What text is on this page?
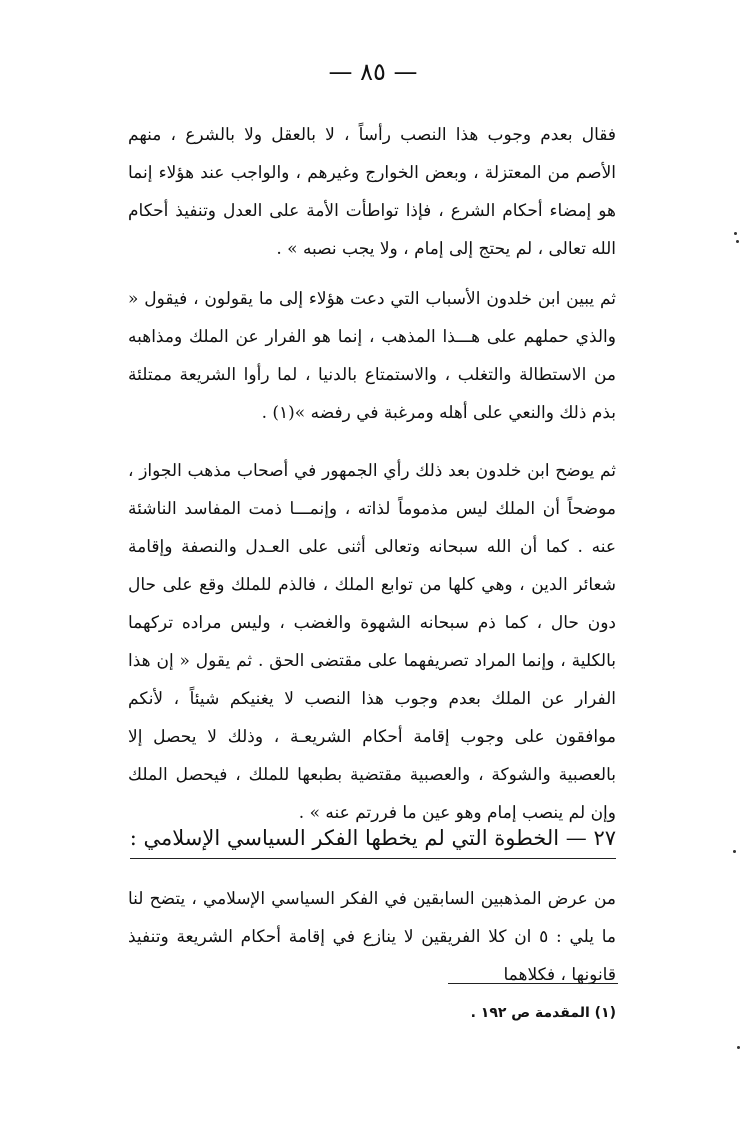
— ٨٥ —

فقال بعدم وجوب هذا النصب رأساً ، لا بالعقل ولا بالشرع ، منهم الأصم من المعتزلة ، وبعض الخوارج وغيرهم ، والواجب عند هؤلاء إنما هو إمضاء أحكام الشرع ، فإذا تواطأت الأمة على العدل وتنفيذ أحكام الله تعالى ، لم يحتج إلى إمام ، ولا يجب نصبه » .

ثم يبين ابن خلدون الأسباب التي دعت هؤلاء إلى ما يقولون ، فيقول « والذي حملهم على هـــذا المذهب ، إنما هو الفرار عن الملك ومذاهبه من الاستطالة والتغلب ، والاستمتاع بالدنيا ، لما رأوا الشريعة ممتلئة بذم ذلك والنعي على أهله ومرغبة في رفضه »(١) .

ثم يوضح ابن خلدون بعد ذلك رأي الجمهور في أصحاب مذهب الجواز ، موضحاً أن الملك ليس مذموماً لذاته ، وإنمـــا ذمت المفاسد الناشئة عنه . كما أن الله سبحانه وتعالى أثنى على العـدل والنصفة وإقامة شعائر الدين ، وهي كلها من توابع الملك ، فالذم للملك وقع على حال دون حال ، كما ذم سبحانه الشهوة والغضب ، وليس مراده تركهما بالكلية ، وإنما المراد تصريفهما على مقتضى الحق . ثم يقول « إن هذا الفرار عن الملك بعدم وجوب هذا النصب لا يغنيكم شيئاً ، لأنكم موافقون على وجوب إقامة أحكام الشريعـة ، وذلك لا يحصل إلا بالعصبية والشوكة ، والعصبية مقتضية بطبعها للملك ، فيحصل الملك وإن لم ينصب إمام وهو عين ما فررتم عنه » .

٢٧ — الخطوة التي لم يخطها الفكر السياسي الإسلامي :

من عرض المذهبين السابقين في الفكر السياسي الإسلامي ، يتضح لنا ما يلي : ٥ ان كلا الفريقين لا ينازع في إقامة أحكام الشريعة وتنفيذ قانونها ، فكلاهما

(١) المقدمة ص ١٩٢ .
